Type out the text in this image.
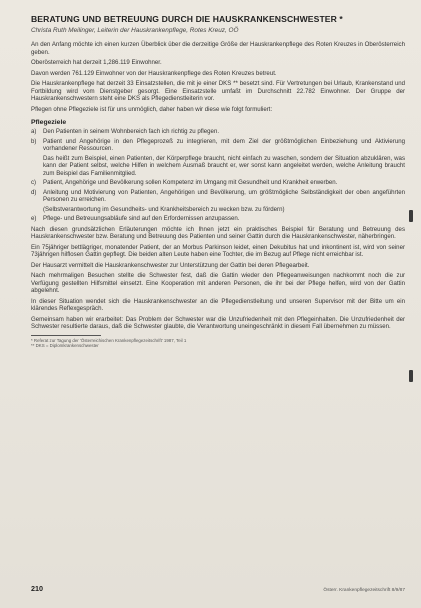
BERATUNG UND BETREUUNG DURCH DIE HAUSKRANKENSCHWESTER *
Christa Ruth Meilinger, Leiterin der Hauskrankenpflege, Rotes Kreuz, OÖ

An den Anfang möchte ich einen kurzen Überblick über die derzeitige Größe der Hauskrankenpflege des Roten Kreuzes in Oberösterreich geben.

Oberösterreich hat derzeit 1,286.119 Einwohner.

Davon werden 761.129 Einwohner von der Hauskrankenpflege des Roten Kreuzes betreut.

Die Hauskrankenpflege hat derzeit 33 Einsatzstellen, die mit je einer DKS ** besetzt sind. Für Vertretungen bei Urlaub, Krankenstand und Fortbildung wird vom Dienstgeber gesorgt. Eine Einsatzstelle umfaßt im Durchschnitt 22.782 Einwohner. Der Gruppe der Hauskrankenschwestern steht eine DKS als Pflegedienstleiterin vor.

Pflegen ohne Pflegeziele ist für uns unmöglich, daher haben wir diese wie folgt formuliert:

Pflegeziele
a) Den Patienten in seinem Wohnbereich fach ich richtig zu pflegen.
b) Patient und Angehörige in den Pflegeprozeß zu integrieren, mit dem Ziel der größtmöglichen Einbeziehung und Aktivierung vorhandener Ressourcen.
Das heißt zum Beispiel, einen Patienten, der Körperpflege braucht, nicht einfach zu waschen, sondern der Situation abzuklären, was kann der Patient selbst, welche Hilfen in welchem Ausmaß braucht er, wer sonst kann angeleitet werden, welche Anleitung braucht zum Beispiel das Familienmitglied.
c) Patient, Angehörige und Bevölkerung sollen Kompetenz im Umgang mit Gesundheit und Krankheit erwerben.
d) Anleitung und Motivierung von Patienten, Angehörigen und Bevölkerung, um größtmögliche Selbständigkeit der oben angeführten Personen zu erreichen.
(Selbstverantwortung im Gesundheits- und Krankheitsbereich zu wecken bzw. zu fördern)
e) Pflege- und Betreuungsabläufe sind auf den Erfordernissen anzupassen.

Nach diesen grundsätzlichen Erläuterungen möchte ich Ihnen jetzt ein praktisches Beispiel für Beratung und Betreuung des Hauskrankenschwester bzw. Beratung und Betreuung des Patienten und seiner Gattin durch die Hauskrankenschwester, näherbringen.

Ein 75jähriger bettlägriger, monatender Patient, der an Morbus Parkinson leidet, einen Dekubitus hat und inkontinent ist, wird von seiner 73jährigen hilflosen Gattin gepflegt. Die beiden alten Leute haben eine Tochter, die im Bezug auf Pflege nicht erreichbar ist.

Der Hausarzt vermittelt die Hauskrankenschwester zur Unterstützung der Gattin bei deren Pflegearbeit.

Nach mehrmaligen Besuchen stellte die Schwester fest, daß die Gattin wieder den Pflegeanweisungen nachkommt noch die zur Verfügung gestellten Hilfsmittel einsetzt. Eine Kooperation mit anderen Personen, die ihr bei der Pflege helfen, wird von der Gattin abgelehnt.

In dieser Situation wendet sich die Hauskrankenschwester an die Pflegedienstleitung und unseren Supervisor mit der Bitte um ein klärendes Reflexgespräch.

Gemeinsam haben wir erarbeitet: Das Problem der Schwester war die Unzufriedenheit mit den Pflegeinhalten. Die Unzufriedenheit der Schwester resultierte daraus, daß die Schwester glaubte, die Verantwortung uneingeschränkt in diesem Fall übernehmen zu müssen.

* Referat zur Tagung der 'Österreichischen Krankenpflegezeitschrift' 1987, Teil 1
** DKS = Diplomkrankenschwester
210	Österr. Krankenpflegezeitschrift 8/9/87
